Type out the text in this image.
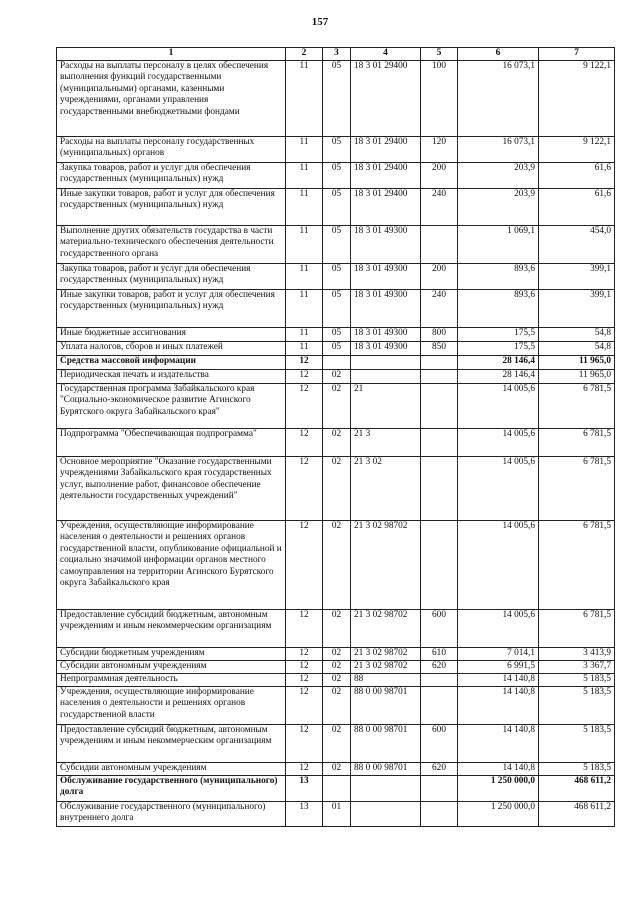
157
1	2	3	4	5	6	7
Расходы на выплаты персоналу в целях обеспечения выполнения функций государственными (муниципальными) органами, казенными учреждениями, органами управления государственными внебюджетными фондами	11	05	18 3 01 29400	100	16 073,1	9 122,1
Расходы на выплаты персоналу государственных (муниципальных) органов	11	05	18 3 01 29400	120	16 073,1	9 122,1
Закупка товаров, работ и услуг для обеспечения государственных (муниципальных) нужд	11	05	18 3 01 29400	200	203,9	61,6
Иные закупки товаров, работ и услуг для обеспечения государственных (муниципальных) нужд	11	05	18 3 01 29400	240	203,9	61,6
Выполнение других обязательств государства в части материально-технического обеспечения деятельности государственного органа	11	05	18 3 01 49300		1 069,1	454,0
Закупка товаров, работ и услуг для обеспечения государственных (муниципальных) нужд	11	05	18 3 01 49300	200	893,6	399,1
Иные закупки товаров, работ и услуг для обеспечения государственных (муниципальных) нужд	11	05	18 3 01 49300	240	893,6	399,1
Иные бюджетные ассигнования	11	05	18 3 01 49300	800	175,5	54,8
Уплата налогов, сборов и иных платежей	11	05	18 3 01 49300	850	175,5	54,8
Средства массовой информации	12				28 146,4	11 965,0
Периодическая печать и издательства	12	02			28 146,4	11 965,0
Государственная программа Забайкальского края "Социально-экономическое развитие Агинского Бурятского округа Забайкальского края"	12	02	21		14 005,6	6 781,5
Подпрограмма "Обеспечивающая подпрограмма"	12	02	21 3		14 005,6	6 781,5
Основное мероприятие "Оказание государственными учреждениями Забайкальского края государственных услуг, выполнение работ, финансовое обеспечение деятельности государственных учреждений"	12	02	21 3 02		14 005,6	6 781,5
Учреждения, осуществляющие информирование населения о деятельности и решениях органов государственной власти, опубликование официальной и социально значимой информации органов местного самоуправления на территории Агинского Бурятского округа Забайкальского края	12	02	21 3 02 98702		14 005,6	6 781,5
Предоставление субсидий бюджетным, автономным учреждениям и иным некоммерческим организациям	12	02	21 3 02 98702	600	14 005,6	6 781,5
Субсидии бюджетным учреждениям	12	02	21 3 02 98702	610	7 014,1	3 413,9
Субсидии автономным учреждениям	12	02	21 3 02 98702	620	6 991,5	3 367,7
Непрограммная деятельность	12	02	88		14 140,8	5 183,5
Учреждения, осуществляющие информирование населения о деятельности и решениях органов государственной власти	12	02	88 0 00 98701		14 140,8	5 183,5
Предоставление субсидий бюджетным, автономным учреждениям и иным некоммерческим организациям	12	02	88 0 00 98701	600	14 140,8	5 183,5
Субсидии автономным учреждениям	12	02	88 0 00 98701	620	14 140,8	5 183,5
Обслуживание государственного (муниципального) долга	13				1 250 000,0	468 611,2
Обслуживание государственного (муниципального) внутреннего долга	13	01			1 250 000,0	468 611,2
